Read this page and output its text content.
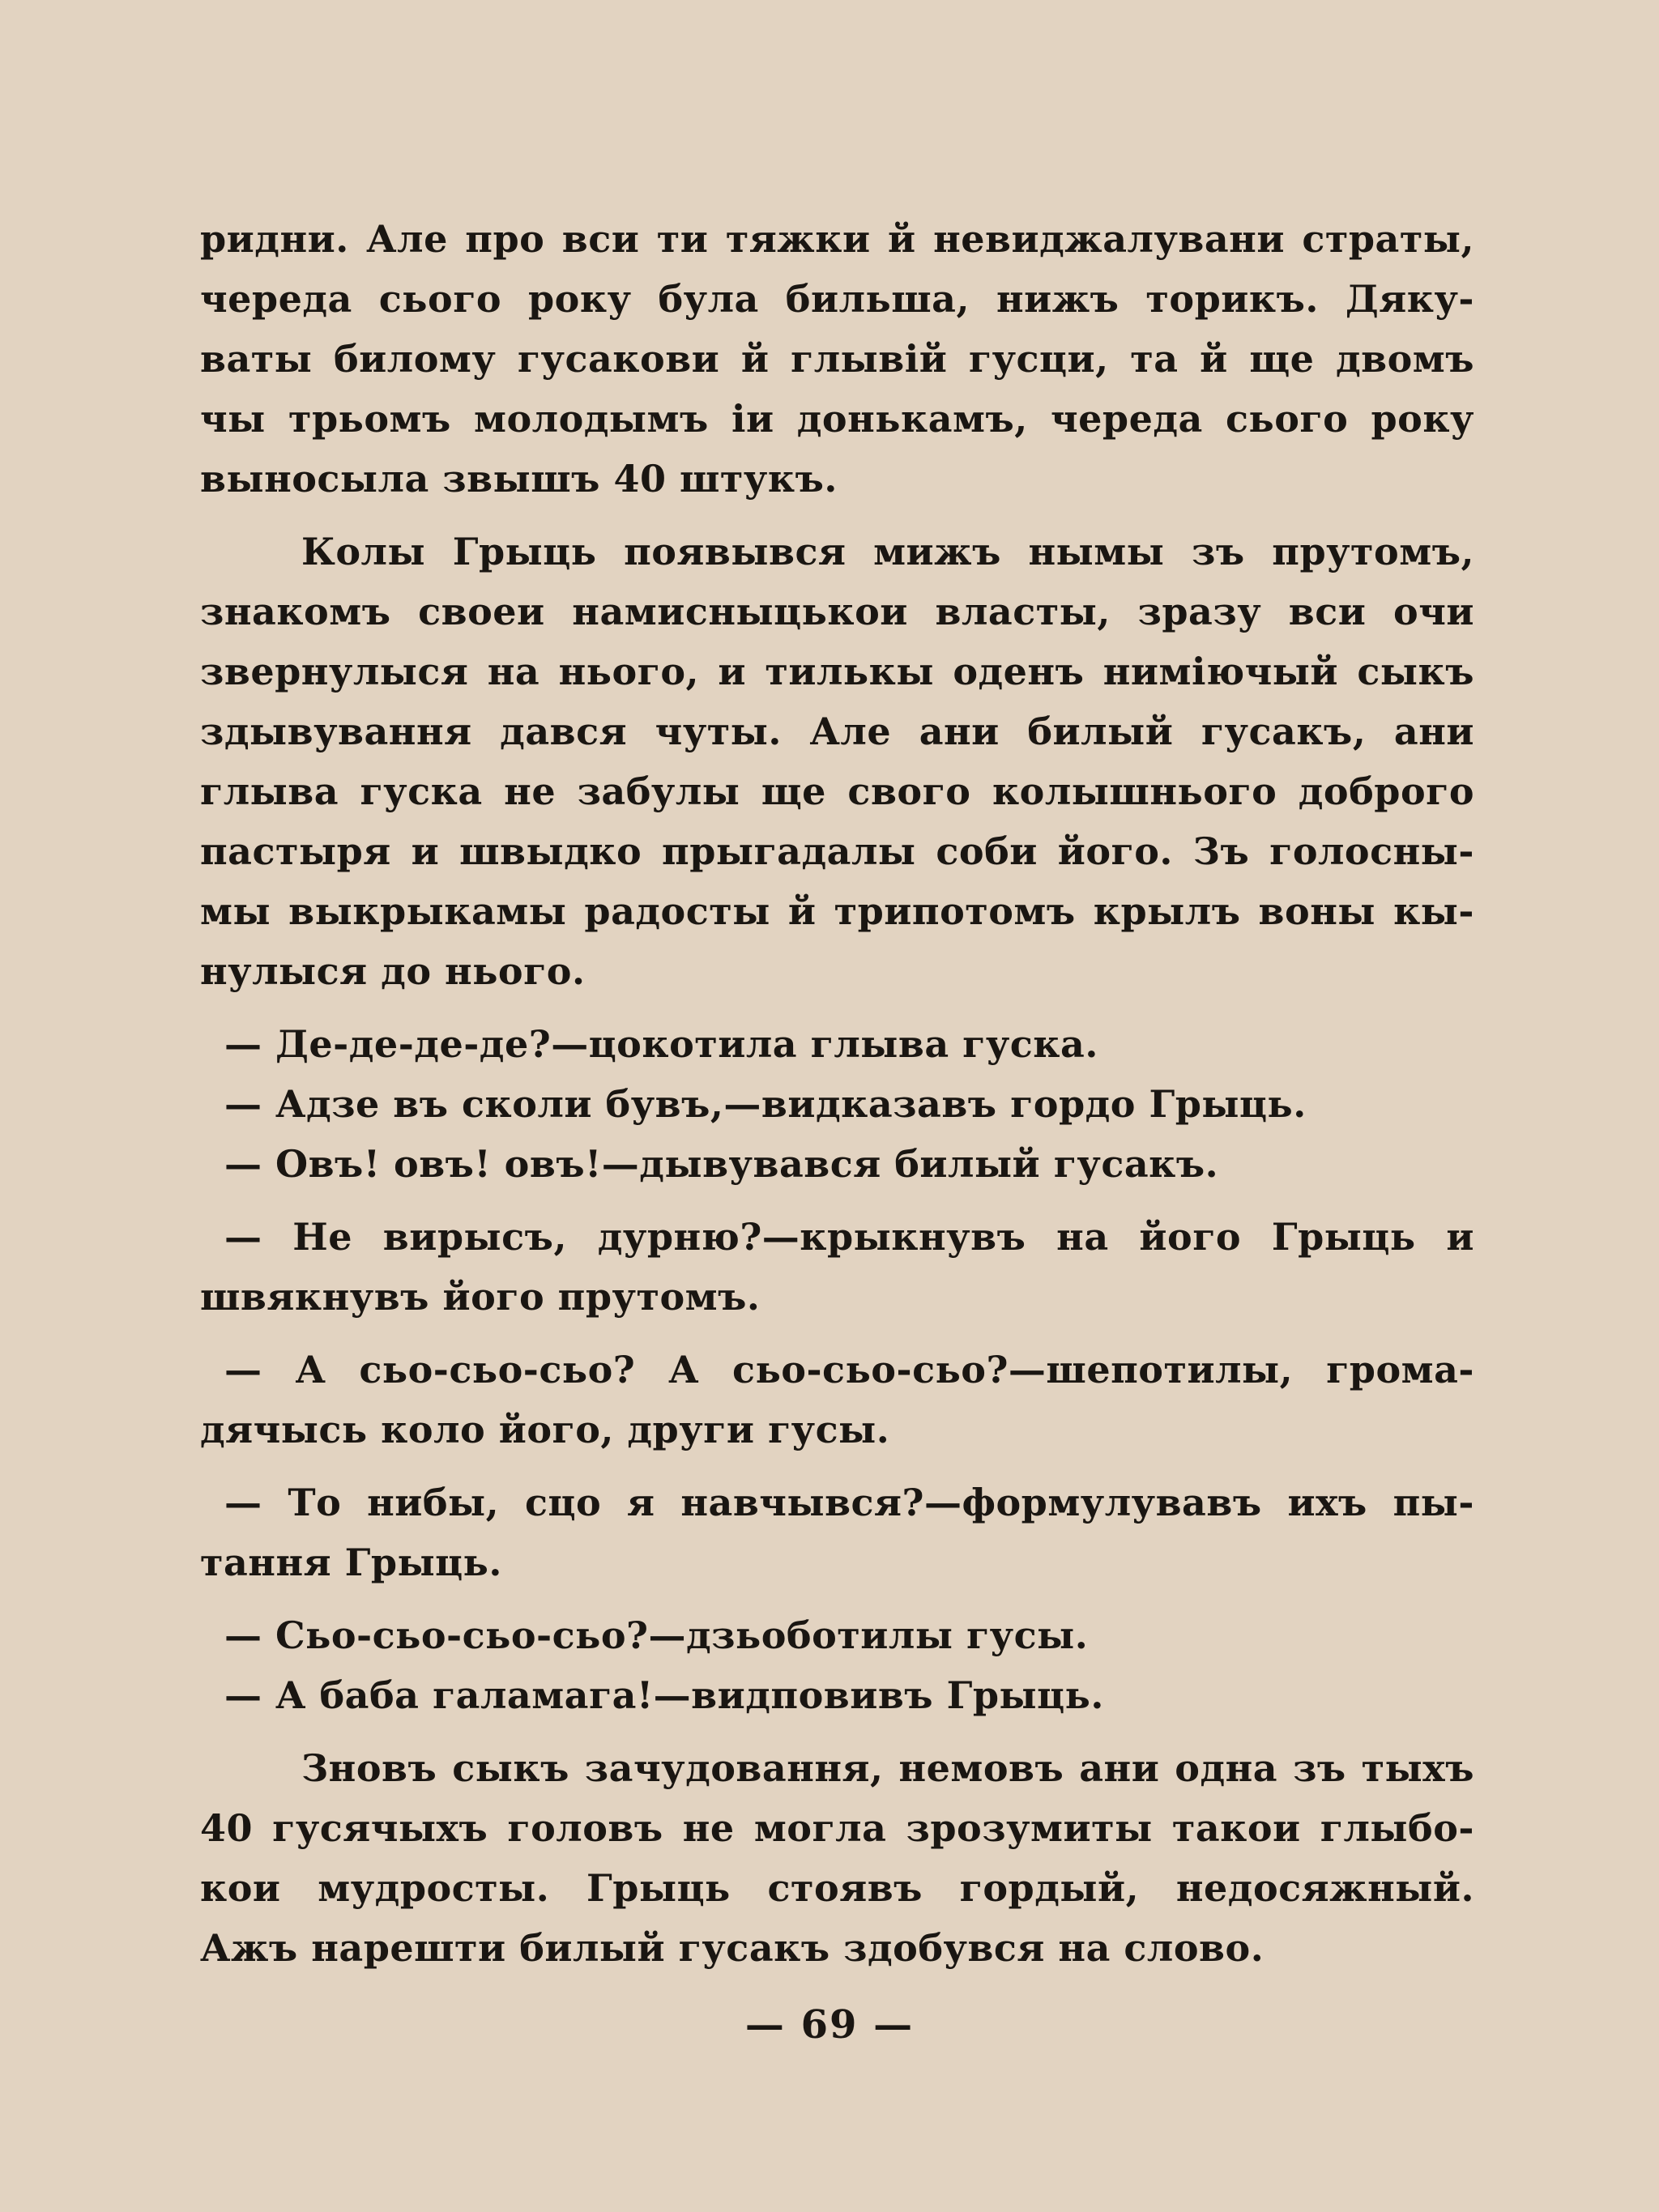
ридни. Але про вси ти тяжки й невиджалувани страты,
череда сього року була бильша, нижъ торикъ. Дяку-
ваты билому гусакови й глывій гусци, та й ще двомъ
чы трьомъ молодымъ іи донькамъ, череда сього року
выносыла звышъ 40 штукъ.
Колы Грыць появывся мижъ нымы зъ прутомъ,
знакомъ своеи намисныцькои власты, зразу вси очи
звернулыся на нього, и тилькы оденъ ниміючый сыкъ
здывування дався чуты. Але ани билый гусакъ, ани
глыва гуска не забулы ще свого колышнього доброго
пастыря и швыдко прыгадалы соби його. Зъ голосны-
мы выкрыкамы радосты й трипотомъ крылъ воны кы-
нулыся до нього.
— Де-де-де-де?—цокотила глыва гуска.
— Адзе въ сколи бувъ,—видказавъ гордо Грыць.
— Овъ! овъ! овъ!—дывувався билый гусакъ.
— Не вирысъ, дурню?—крыкнувъ на його Грыць и
швякнувъ його прутомъ.
— А сьо-сьо-сьо? А сьо-сьо-сьо?—шепотилы, грома-
дячысь коло його, други гусы.
— То нибы, сцо я навчывся?—формулувавъ ихъ пы-
тання Грыць.
— Сьо-сьо-сьо-сьо?—дзьоботилы гусы.
— А баба галамага!—видповивъ Грыць.
Зновъ сыкъ зачудовання, немовъ ани одна зъ тыхъ
40 гусячыхъ головъ не могла зрозумиты такои глыбо-
кои мудросты. Грыць стоявъ гордый, недосяжный.
Ажъ нарешти билый гусакъ здобувся на слово.
— 69 —
